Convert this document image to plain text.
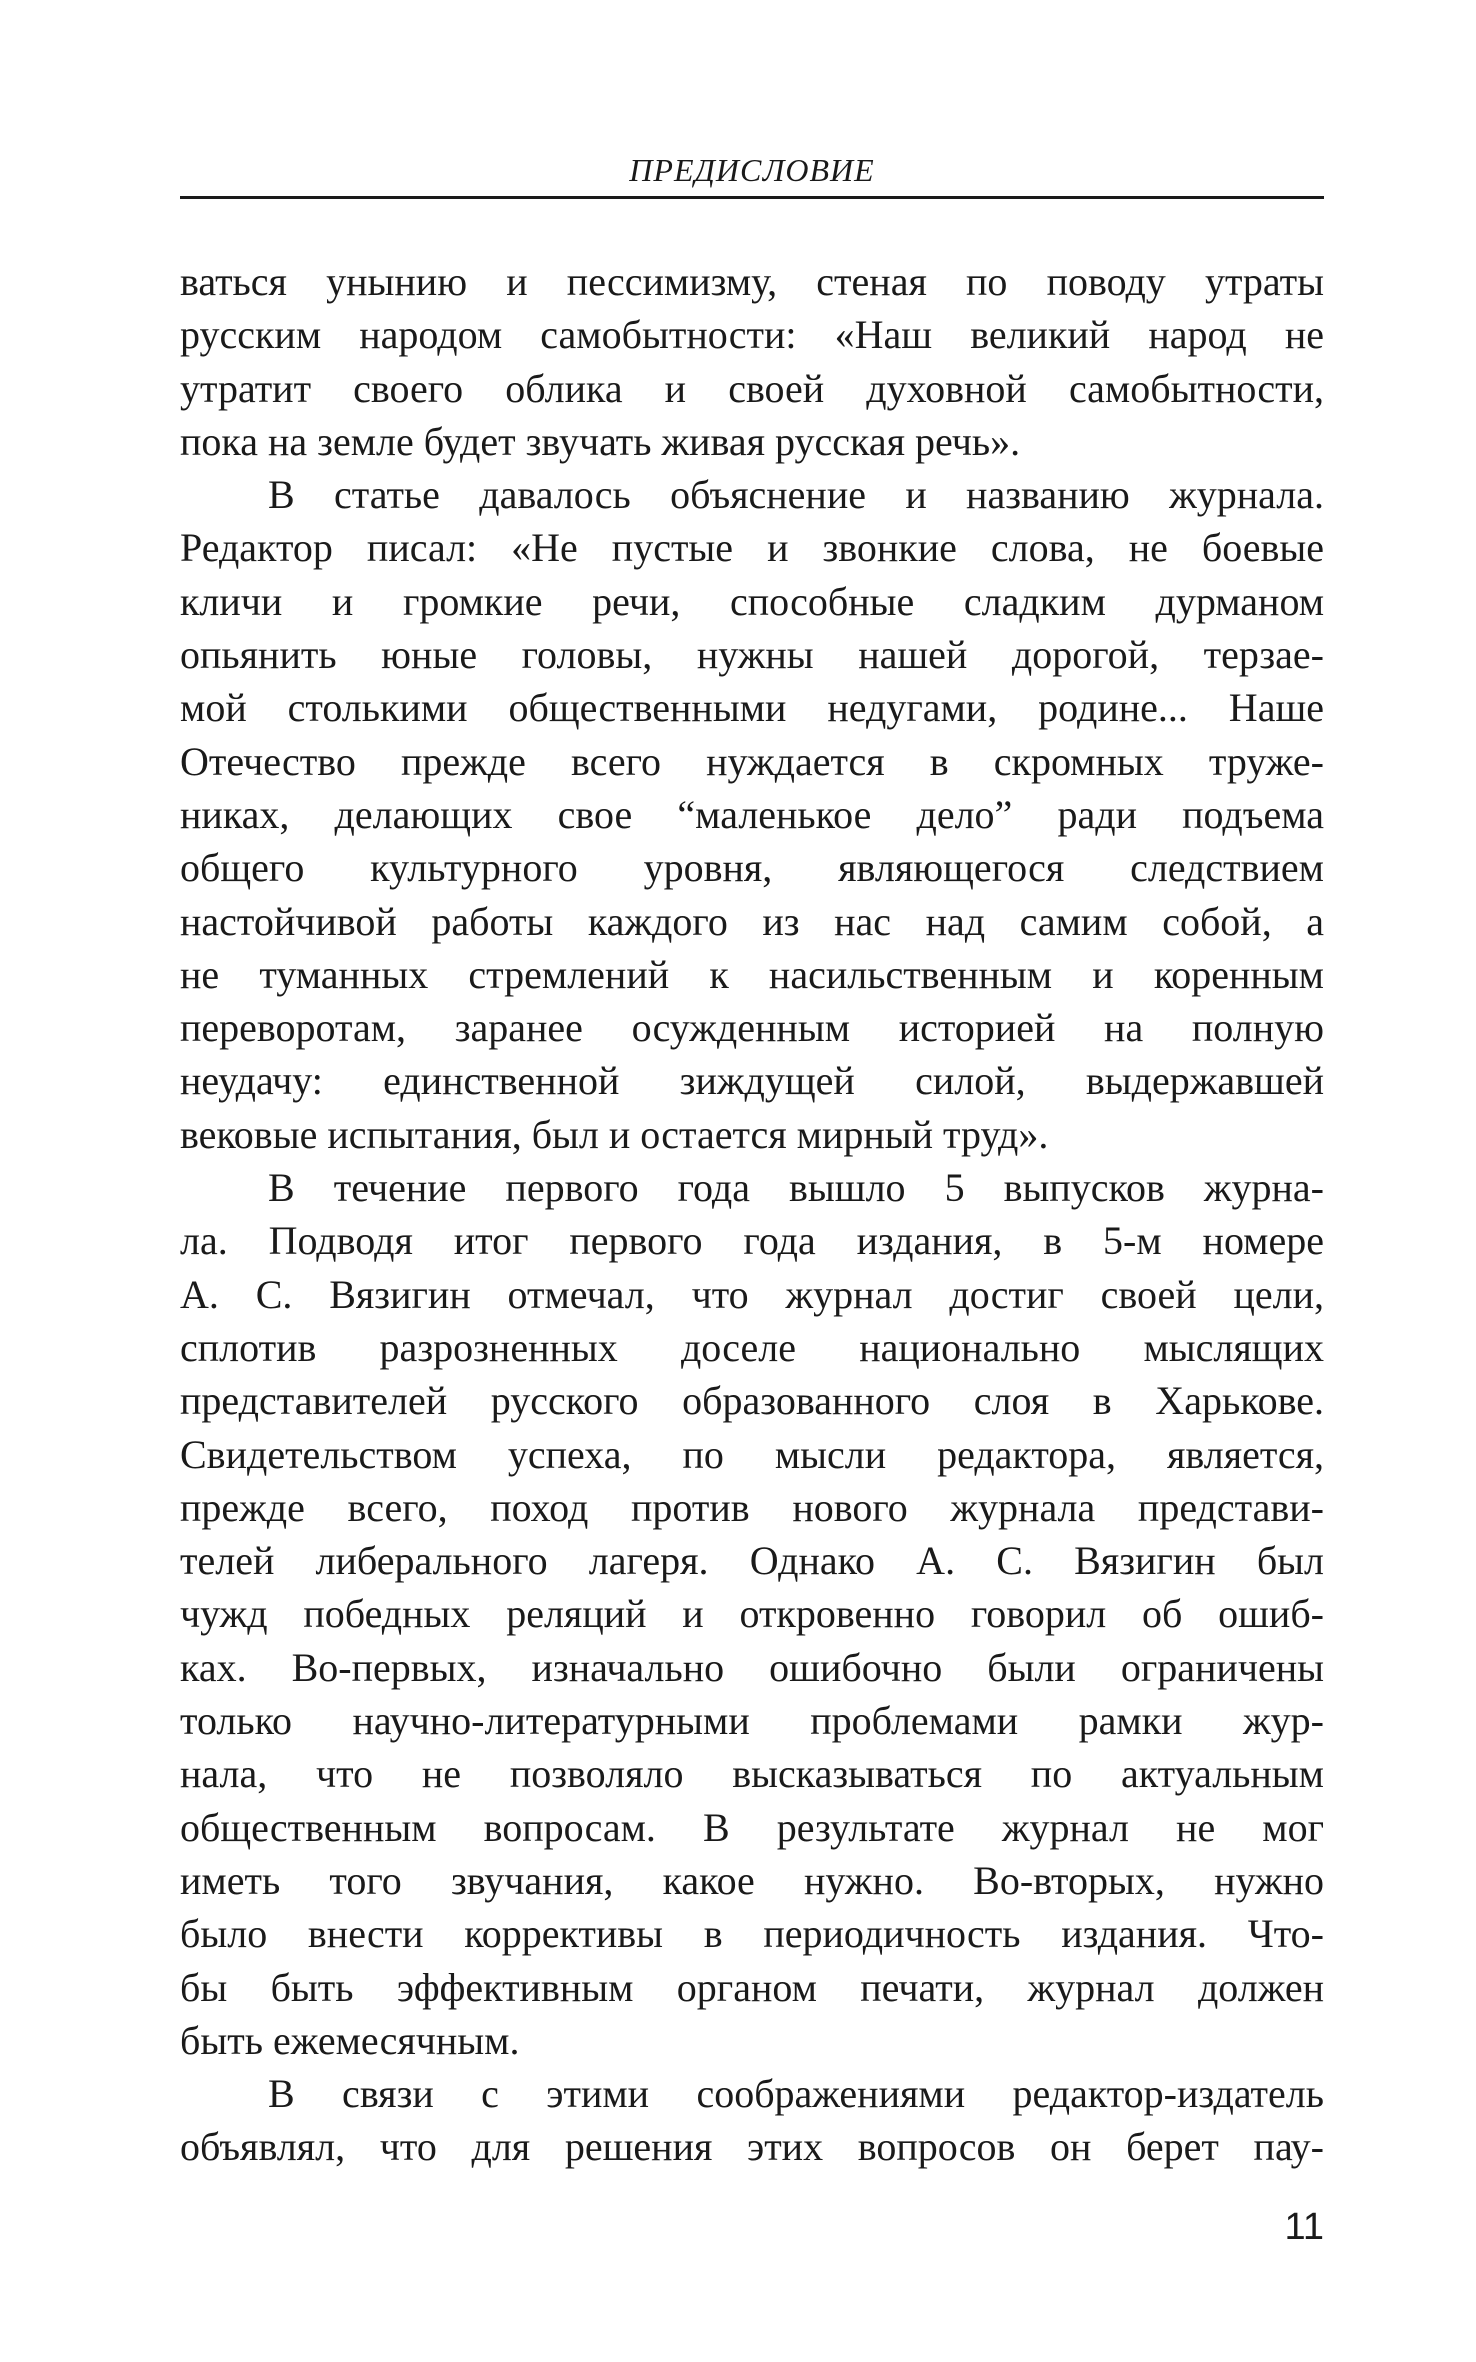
ПРЕДИСЛОВИЕ
ваться унынию и пессимизму, стеная по поводу утраты
русским народом самобытности: «Наш великий народ не
утратит своего облика и своей духовной самобытности,
пока на земле будет звучать живая русская речь».
В статье давалось объяснение и названию журнала.
Редактор писал: «Не пустые и звонкие слова, не боевые
кличи и громкие речи, способные сладким дурманом
опьянить юные головы, нужны нашей дорогой, терзае-
мой столькими общественными недугами, родине... Наше
Отечество прежде всего нуждается в скромных труже-
никах, делающих свое “маленькое дело” ради подъема
общего культурного уровня, являющегося следствием
настойчивой работы каждого из нас над самим собой, а
не туманных стремлений к насильственным и коренным
переворотам, заранее осужденным историей на полную
неудачу: единственной зиждущей силой, выдержавшей
вековые испытания, был и остается мирный труд».
В течение первого года вышло 5 выпусков журна-
ла. Подводя итог первого года издания, в 5-м номере
А. С. Вязигин отмечал, что журнал достиг своей цели,
сплотив разрозненных доселе национально мыслящих
представителей русского образованного слоя в Харькове.
Свидетельством успеха, по мысли редактора, является,
прежде всего, поход против нового журнала представи-
телей либерального лагеря. Однако А. С. Вязигин был
чужд победных реляций и откровенно говорил об ошиб-
ках. Во-первых, изначально ошибочно были ограничены
только научно-литературными проблемами рамки жур-
нала, что не позволяло высказываться по актуальным
общественным вопросам. В результате журнал не мог
иметь того звучания, какое нужно. Во-вторых, нужно
было внести коррективы в периодичность издания. Что-
бы быть эффективным органом печати, журнал должен
быть ежемесячным.
В связи с этими соображениями редактор-издатель
объявлял, что для решения этих вопросов он берет пау-
11
